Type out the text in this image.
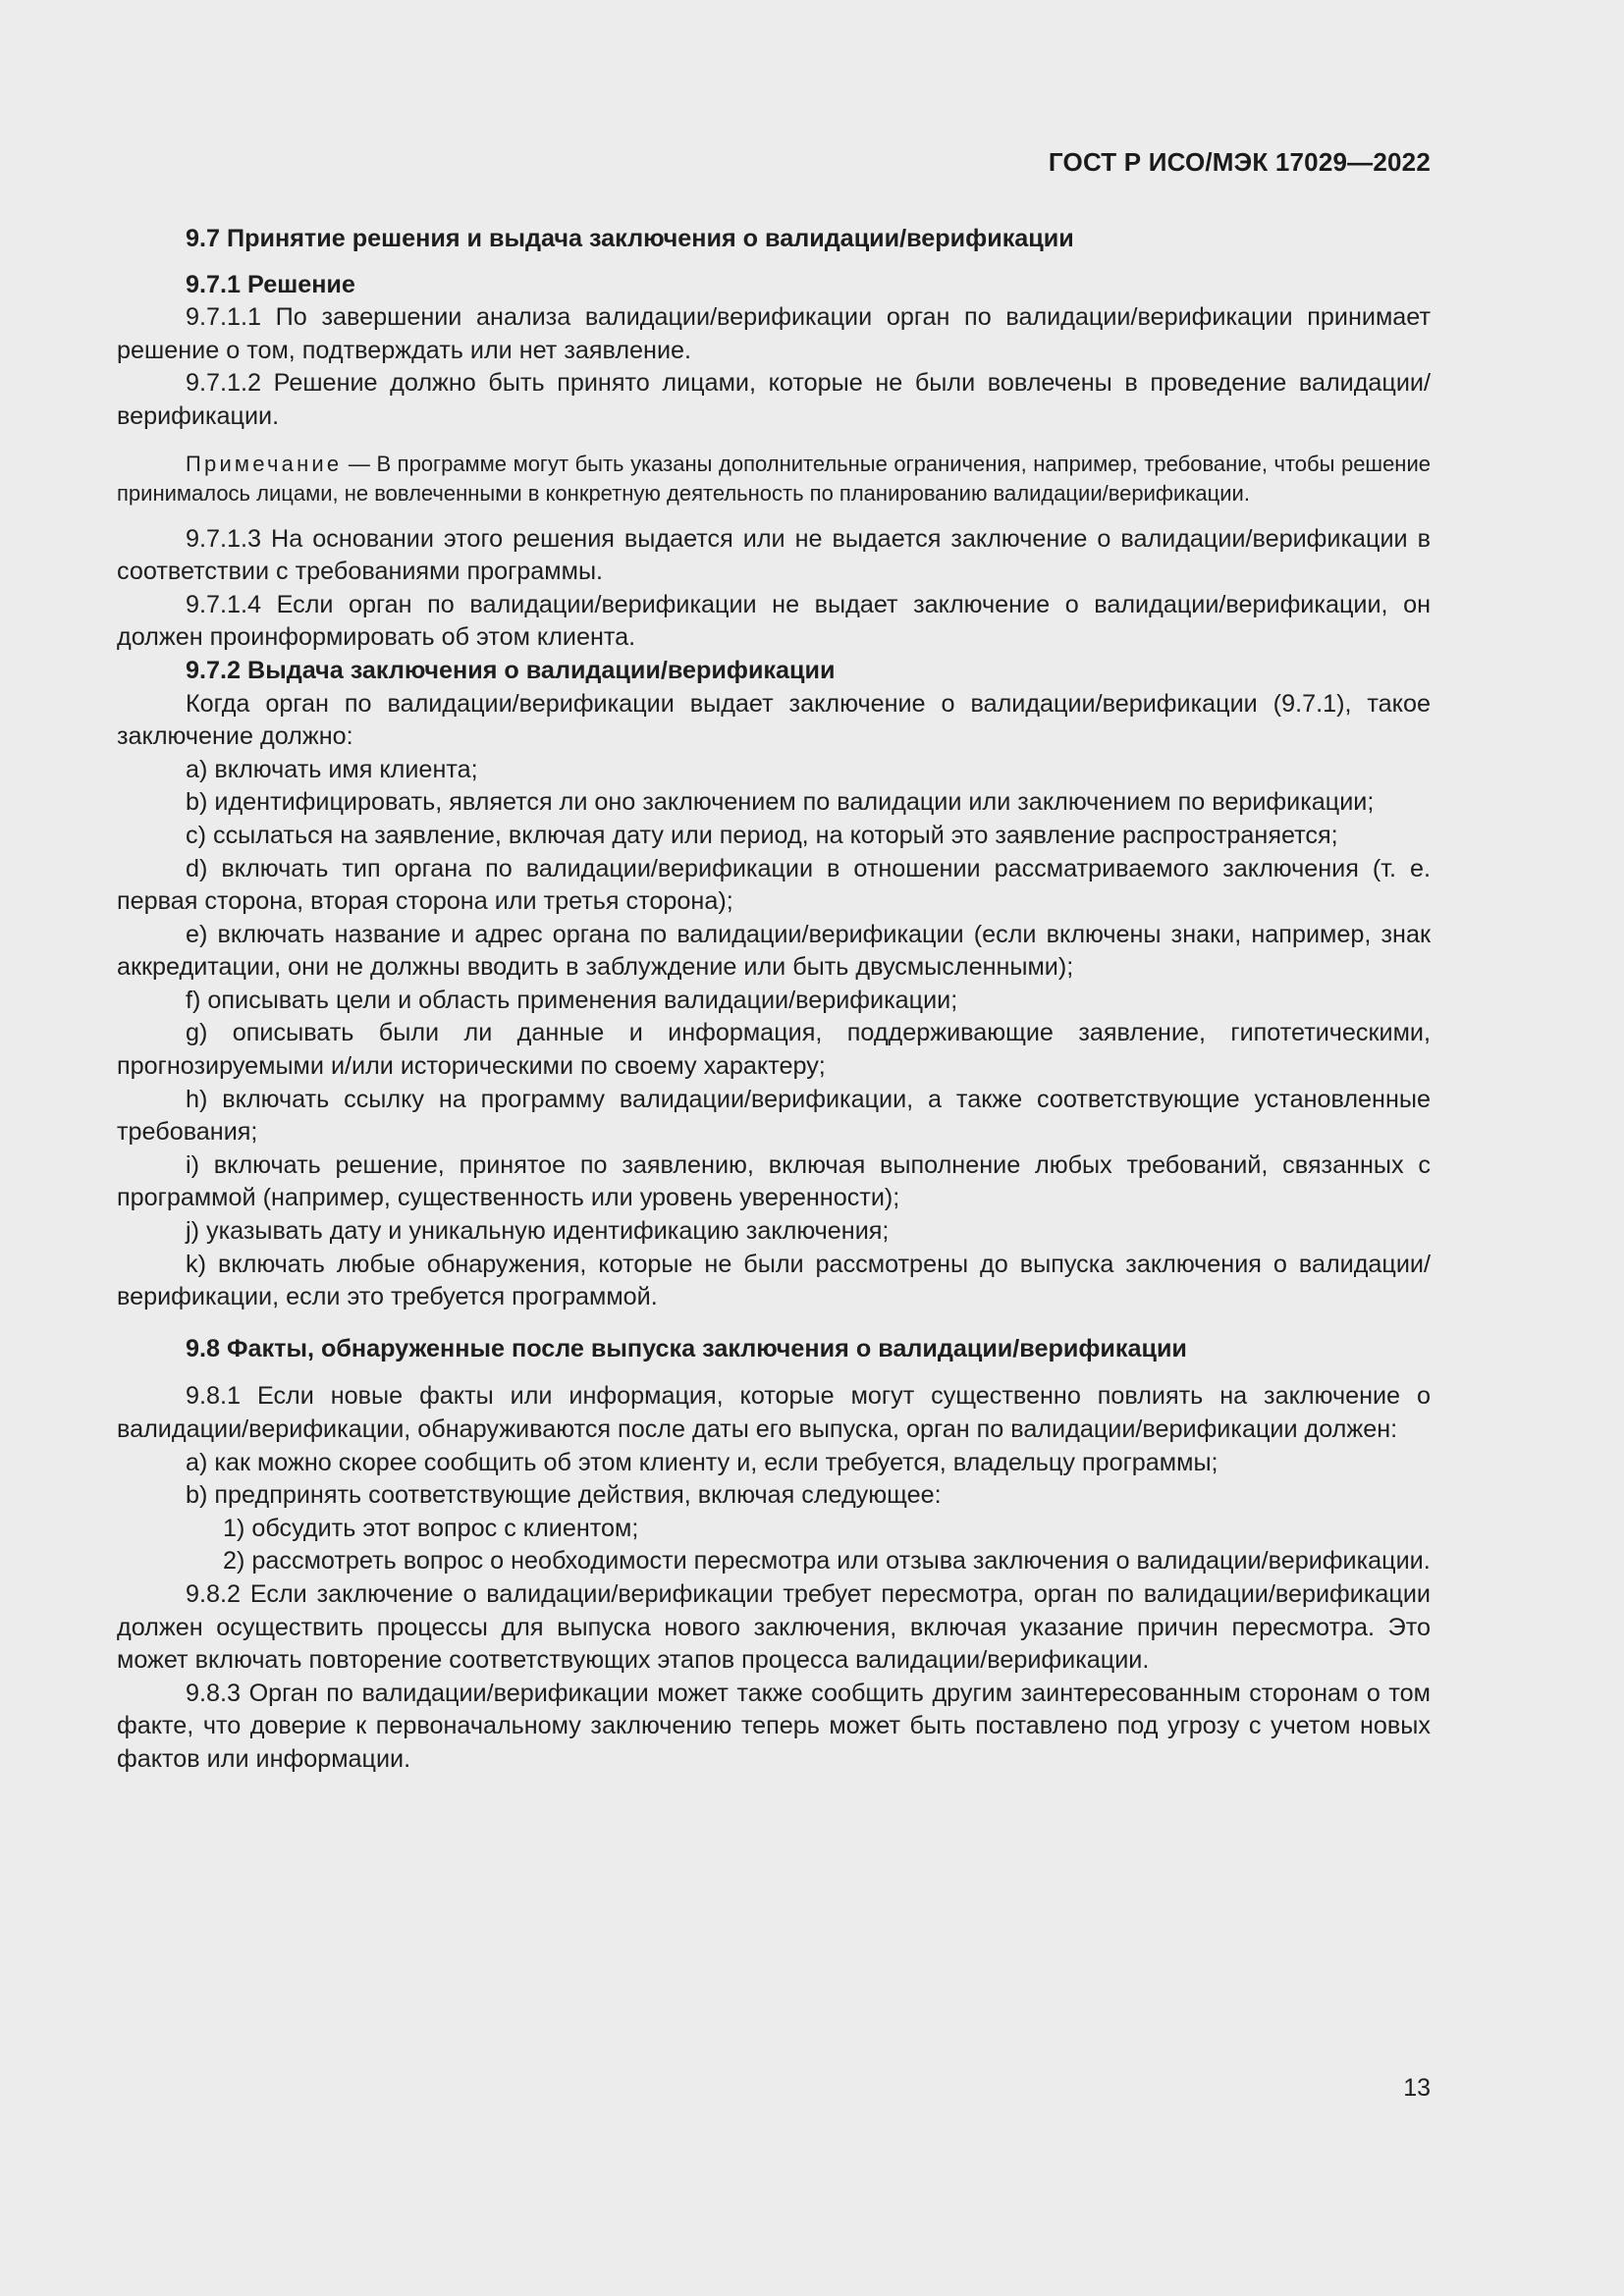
ГОСТ Р ИСО/МЭК 17029—2022

9.7 Принятие решения и выдача заключения о валидации/верификации

9.7.1 Решение

9.7.1.1 По завершении анализа валидации/верификации орган по валидации/верификации принимает решение о том, подтверждать или нет заявление.

9.7.1.2 Решение должно быть принято лицами, которые не были вовлечены в проведение валидации/верификации.

Примечание — В программе могут быть указаны дополнительные ограничения, например, требование, чтобы решение принималось лицами, не вовлеченными в конкретную деятельность по планированию валидации/верификации.

9.7.1.3 На основании этого решения выдается или не выдается заключение о валидации/верификации в соответствии с требованиями программы.

9.7.1.4 Если орган по валидации/верификации не выдает заключение о валидации/верификации, он должен проинформировать об этом клиента.

9.7.2 Выдача заключения о валидации/верификации

Когда орган по валидации/верификации выдает заключение о валидации/верификации (9.7.1), такое заключение должно:

a) включать имя клиента;

b) идентифицировать, является ли оно заключением по валидации или заключением по верификации;

c) ссылаться на заявление, включая дату или период, на который это заявление распространяется;

d) включать тип органа по валидации/верификации в отношении рассматриваемого заключения (т. е. первая сторона, вторая сторона или третья сторона);

e) включать название и адрес органа по валидации/верификации (если включены знаки, например, знак аккредитации, они не должны вводить в заблуждение или быть двусмысленными);

f) описывать цели и область применения валидации/верификации;

g) описывать были ли данные и информация, поддерживающие заявление, гипотетическими, прогнозируемыми и/или историческими по своему характеру;

h) включать ссылку на программу валидации/верификации, а также соответствующие установленные требования;

i) включать решение, принятое по заявлению, включая выполнение любых требований, связанных с программой (например, существенность или уровень уверенности);

j) указывать дату и уникальную идентификацию заключения;

k) включать любые обнаружения, которые не были рассмотрены до выпуска заключения о валидации/верификации, если это требуется программой.

9.8 Факты, обнаруженные после выпуска заключения о валидации/верификации

9.8.1 Если новые факты или информация, которые могут существенно повлиять на заключение о валидации/верификации, обнаруживаются после даты его выпуска, орган по валидации/верификации должен:

a) как можно скорее сообщить об этом клиенту и, если требуется, владельцу программы;

b) предпринять соответствующие действия, включая следующее:

1) обсудить этот вопрос с клиентом;

2) рассмотреть вопрос о необходимости пересмотра или отзыва заключения о валидации/верификации.

9.8.2 Если заключение о валидации/верификации требует пересмотра, орган по валидации/верификации должен осуществить процессы для выпуска нового заключения, включая указание причин пересмотра. Это может включать повторение соответствующих этапов процесса валидации/верификации.

9.8.3 Орган по валидации/верификации может также сообщить другим заинтересованным сторонам о том факте, что доверие к первоначальному заключению теперь может быть поставлено под угрозу с учетом новых фактов или информации.

13
